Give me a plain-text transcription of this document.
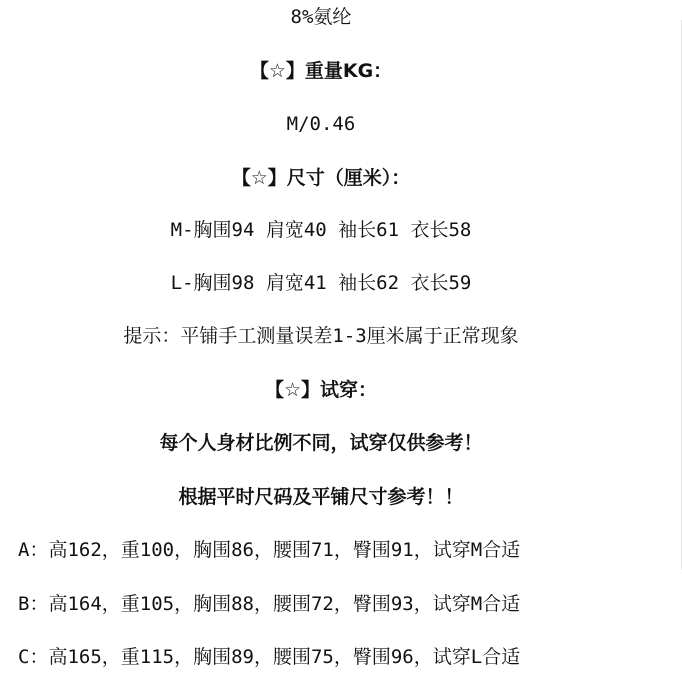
8%氨纶
【☆】重量KG：
M/0.46
【☆】尺寸（厘米）：
M-胸围94 肩宽40 袖长61 衣长58
L-胸围98 肩宽41 袖长62 衣长59
提示：平铺手工测量误差1-3厘米属于正常现象
【☆】试穿：
每个人身材比例不同，试穿仅供参考！
根据平时尺码及平铺尺寸参考！！
A：高162，重100，胸围86，腰围71，臀围91，试穿M合适
B：高164，重105，胸围88，腰围72，臀围93，试穿M合适
C：高165，重115，胸围89，腰围75，臀围96，试穿L合适
